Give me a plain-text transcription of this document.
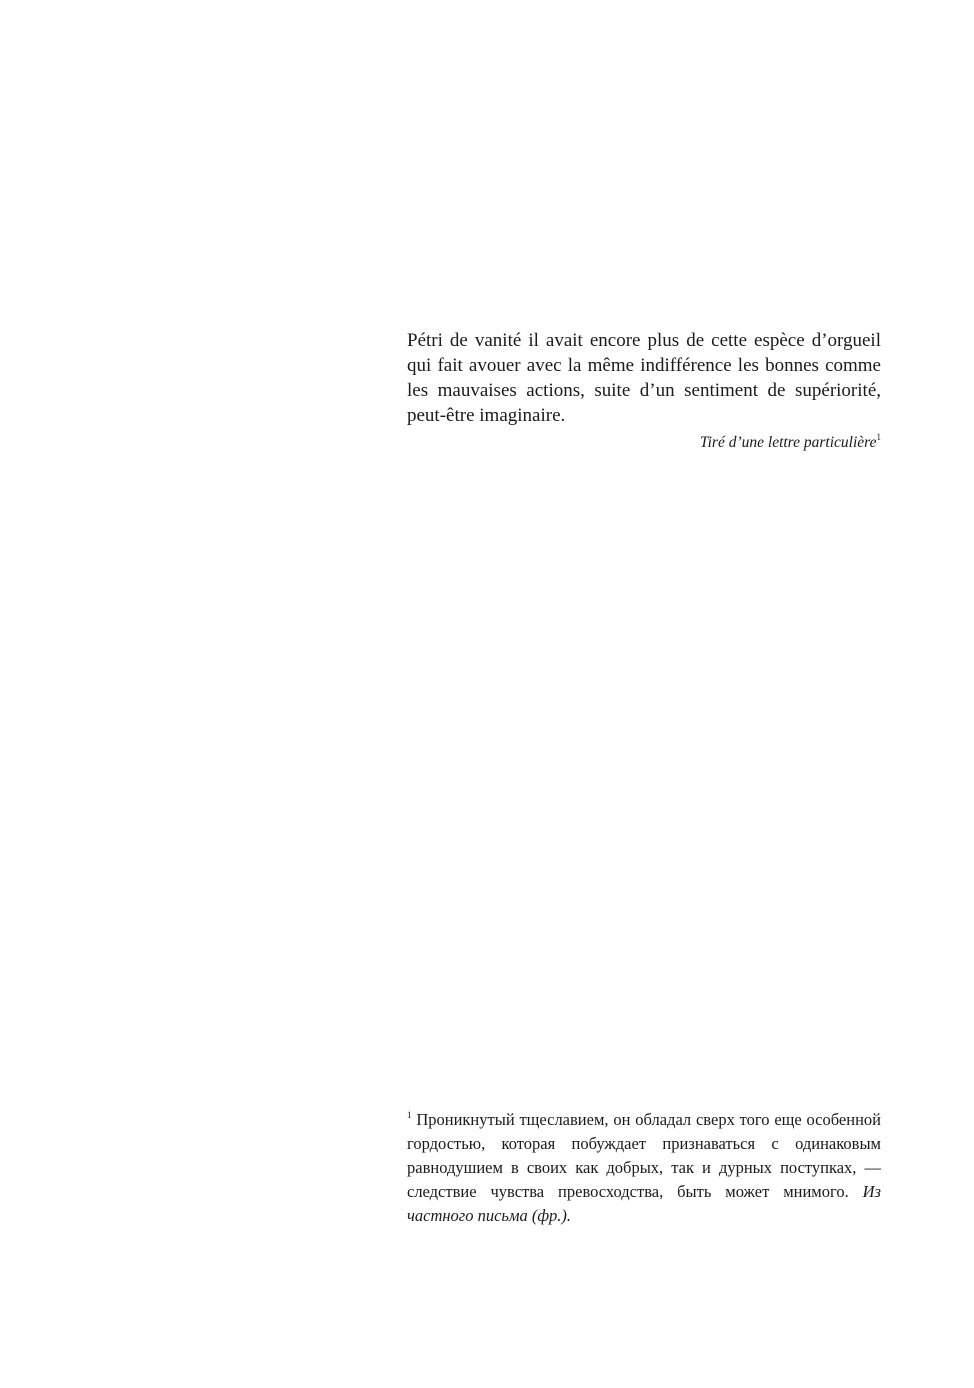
Pétri de vanité il avait encore plus de cette espèce d’orgueil qui fait avouer avec la même indifférence les bonnes comme les mauvaises actions, suite d’un sentiment de supériorité, peut-être imaginaire.

Tiré d’une lettre particulière$^1$

$^1$ Проникнутый тщеславием, он обладал сверх того еще особенной гордостью, которая побуждает признаваться с одинаковым равнодушием в своих как добрых, так и дурных поступках, — следствие чувства превосходства, быть может мнимого. Из частного письма (фр.).
